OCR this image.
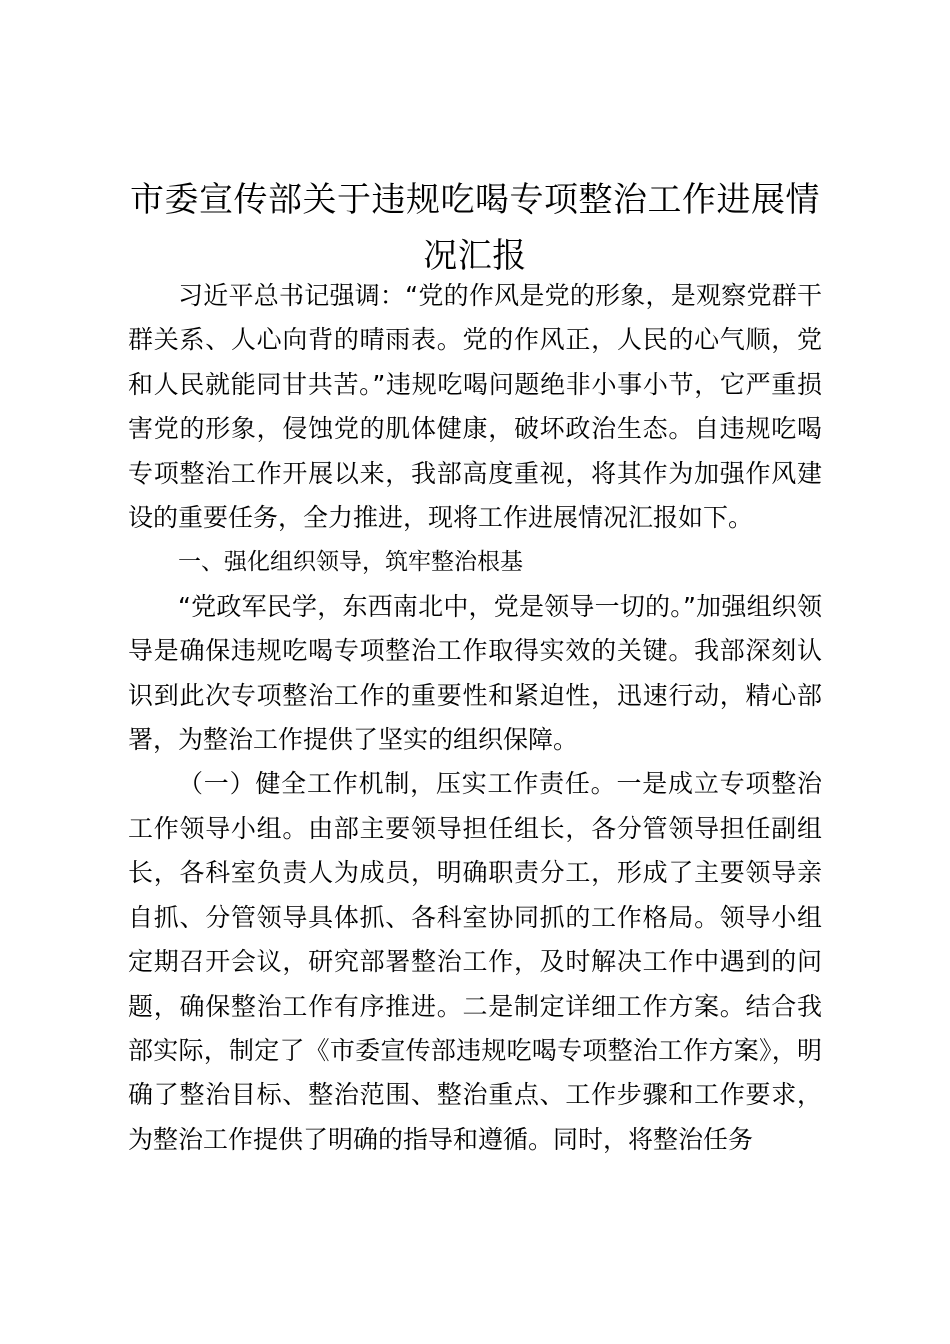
市委宣传部关于违规吃喝专项整治工作进展情况汇报

习近平总书记强调：“党的作风是党的形象，是观察党群干群关系、人心向背的晴雨表。党的作风正，人民的心气顺，党和人民就能同甘共苦。”违规吃喝问题绝非小事小节，它严重损害党的形象，侵蚀党的肌体健康，破坏政治生态。自违规吃喝专项整治工作开展以来，我部高度重视，将其作为加强作风建设的重要任务，全力推进，现将工作进展情况汇报如下。

一、强化组织领导，筑牢整治根基

“党政军民学，东西南北中，党是领导一切的。”加强组织领导是确保违规吃喝专项整治工作取得实效的关键。我部深刻认识到此次专项整治工作的重要性和紧迫性，迅速行动，精心部署，为整治工作提供了坚实的组织保障。

（一）健全工作机制，压实工作责任。一是成立专项整治工作领导小组。由部主要领导担任组长，各分管领导担任副组长，各科室负责人为成员，明确职责分工，形成了主要领导亲自抓、分管领导具体抓、各科室协同抓的工作格局。领导小组定期召开会议，研究部署整治工作，及时解决工作中遇到的问题，确保整治工作有序推进。二是制定详细工作方案。结合我部实际，制定了《市委宣传部违规吃喝专项整治工作方案》，明确了整治目标、整治范围、整治重点、工作步骤和工作要求，为整治工作提供了明确的指导和遵循。同时，将整治任务
